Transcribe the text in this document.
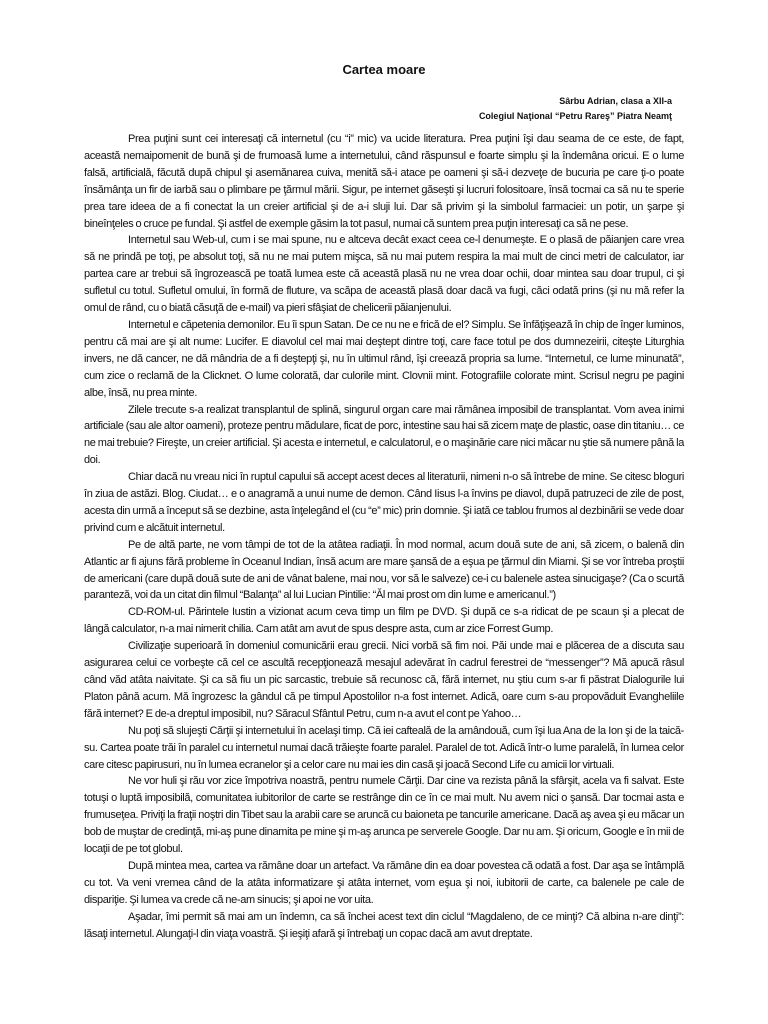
Cartea moare
Sârbu Adrian, clasa a XII-a
Colegiul Naţional “Petru Rareş” Piatra Neamţ

Prea puţini sunt cei interesaţi că internetul (cu “i” mic) va ucide literatura. Prea puţini îşi dau seama de ce este, de fapt, această nemaipomenit de bună şi de frumoasă lume a internetului, când răspunsul e foarte simplu şi la îndemâna oricui. E o lume falsă, artificială, făcută după chipul şi asemănarea cuiva, menită să-i atace pe oameni şi să-i dezveţe de bucuria pe care ţi-o poate însămânţa un fir de iarbă sau o plimbare pe ţărmul mării. Sigur, pe internet găseşti şi lucruri folositoare, însă tocmai ca să nu te sperie prea tare ideea de a fi conectat la un creier artificial şi de a-i sluji lui. Dar să privim şi la simbolul farmaciei: un potir, un şarpe şi bineînţeles o cruce pe fundal. Şi astfel de exemple găsim la tot pasul, numai că suntem prea puţin interesaţi ca să ne pese.

Internetul sau Web-ul, cum i se mai spune, nu e altceva decât exact ceea ce-l denumeşte. E o plasă de păianjen care vrea să ne prindă pe toţi, pe absolut toţi, să nu ne mai putem mişca, să nu mai putem respira la mai mult de cinci metri de calculator, iar partea care ar trebui să îngrozească pe toată lumea este că această plasă nu ne vrea doar ochii, doar mintea sau doar trupul, ci şi sufletul cu totul. Sufletul omului, în formă de fluture, va scăpa de această plasă doar dacă va fugi, căci odată prins (şi nu mă refer la omul de rând, cu o biată căsuţă de e-mail) va pieri sfâşiat de chelicerii păianjenului.

Internetul e căpetenia demonilor. Eu îi spun Satan. De ce nu ne e frică de el? Simplu. Se înfăţişează în chip de înger luminos, pentru că mai are şi alt nume: Lucifer. E diavolul cel mai mai deştept dintre toţi, care face totul pe dos dumnezeirii, citeşte Liturghia invers, ne dă cancer, ne dă mândria de a fi deştepţi şi, nu în ultimul rând, îşi creează propria sa lume. “Internetul, ce lume minunată”, cum zice o reclamă de la Clicknet. O lume colorată, dar culorile mint. Clovnii mint. Fotografiile colorate mint. Scrisul negru pe pagini albe, însă, nu prea minte.

Zilele trecute s-a realizat transplantul de splină, singurul organ care mai rămânea imposibil de transplantat. Vom avea inimi artificiale (sau ale altor oameni), proteze pentru mădulare, ficat de porc, intestine sau hai să zicem maţe de plastic, oase din titaniu… ce ne mai trebuie? Fireşte, un creier artificial. Şi acesta e internetul, e calculatorul, e o maşinărie care nici măcar nu ştie să numere până la doi.

Chiar dacă nu vreau nici în ruptul capului să accept acest deces al literaturii, nimeni n-o să întrebe de mine. Se citesc bloguri în ziua de astăzi. Blog. Ciudat… e o anagramă a unui nume de demon. Când Iisus l-a învins pe diavol, după patruzeci de zile de post, acesta din urmă a început să se dezbine, asta înţelegând el (cu “e” mic) prin domnie. Şi iată ce tablou frumos al dezbinării se vede doar privind cum e alcătuit internetul.

Pe de altă parte, ne vom tâmpi de tot de la atâtea radiaţii. În mod normal, acum două sute de ani, să zicem, o balenă din Atlantic ar fi ajuns fără probleme în Oceanul Indian, însă acum are mare şansă de a eşua pe ţărmul din Miami. Şi se vor întreba proştii de americani (care după două sute de ani de vânat balene, mai nou, vor să le salveze) ce-i cu balenele astea sinucigaşe? (Ca o scurtă paranteză, voi da un citat din filmul “Balanţa” al lui Lucian Pintilie: “Ăl mai prost om din lume e americanul.”)

CD-ROM-ul. Părintele Iustin a vizionat acum ceva timp un film pe DVD. Şi după ce s-a ridicat de pe scaun şi a plecat de lângă calculator, n-a mai nimerit chilia. Cam atât am avut de spus despre asta, cum ar zice Forrest Gump.

Civilizaţie superioară în domeniul comunicării erau grecii. Nici vorbă să fim noi. Păi unde mai e plăcerea de a discuta sau asigurarea celui ce vorbeşte că cel ce ascultă recepţionează mesajul adevărat în cadrul ferestrei de “messenger”? Mă apucă râsul când văd atâta naivitate. Şi ca să fiu un pic sarcastic, trebuie să recunosc că, fără internet, nu ştiu cum s-ar fi păstrat Dialogurile lui Platon până acum. Mă îngrozesc la gândul că pe timpul Apostolilor n-a fost internet. Adică, oare cum s-au propovăduit Evangheliile fără internet? E de-a dreptul imposibil, nu? Săracul Sfântul Petru, cum n-a avut el cont pe Yahoo…

Nu poţi să slujeşti Cărţii şi internetului în acelaşi timp. Că iei cafteală de la amândouă, cum îşi lua Ana de la Ion şi de la taică-su. Cartea poate trăi în paralel cu internetul numai dacă trăieşte foarte paralel. Paralel de tot. Adică într-o lume paralelă, în lumea celor care citesc papirusuri, nu în lumea ecranelor şi a celor care nu mai ies din casă şi joacă Second Life cu amicii lor virtuali.

Ne vor huli şi rău vor zice împotriva noastră, pentru numele Cărţii. Dar cine va rezista până la sfârşit, acela va fi salvat. Este totuşi o luptă imposibilă, comunitatea iubitorilor de carte se restrânge din ce în ce mai mult. Nu avem nici o şansă. Dar tocmai asta e frumuseţea. Priviţi la fraţii noştri din Tibet sau la arabii care se aruncă cu baioneta pe tancurile americane. Dacă aş avea şi eu măcar un bob de muştar de credinţă, mi-aş pune dinamita pe mine şi m-aş arunca pe serverele Google. Dar nu am. Şi oricum, Google e în mii de locaţii de pe tot globul.

După mintea mea, cartea va rămâne doar un artefact. Va rămâne din ea doar povestea că odată a fost. Dar aşa se întâmplă cu tot. Va veni vremea când de la atâta informatizare şi atâta internet, vom eşua şi noi, iubitorii de carte, ca balenele pe cale de dispariţie. Şi lumea va crede că ne-am sinucis; şi apoi ne vor uita.

Aşadar, îmi permit să mai am un îndemn, ca să închei acest text din ciclul “Magdaleno, de ce minţi? Că albina n-are dinţi”: lăsaţi internetul. Alungaţi-l din viaţa voastră. Şi ieşiţi afară şi întrebaţi un copac dacă am avut dreptate.
